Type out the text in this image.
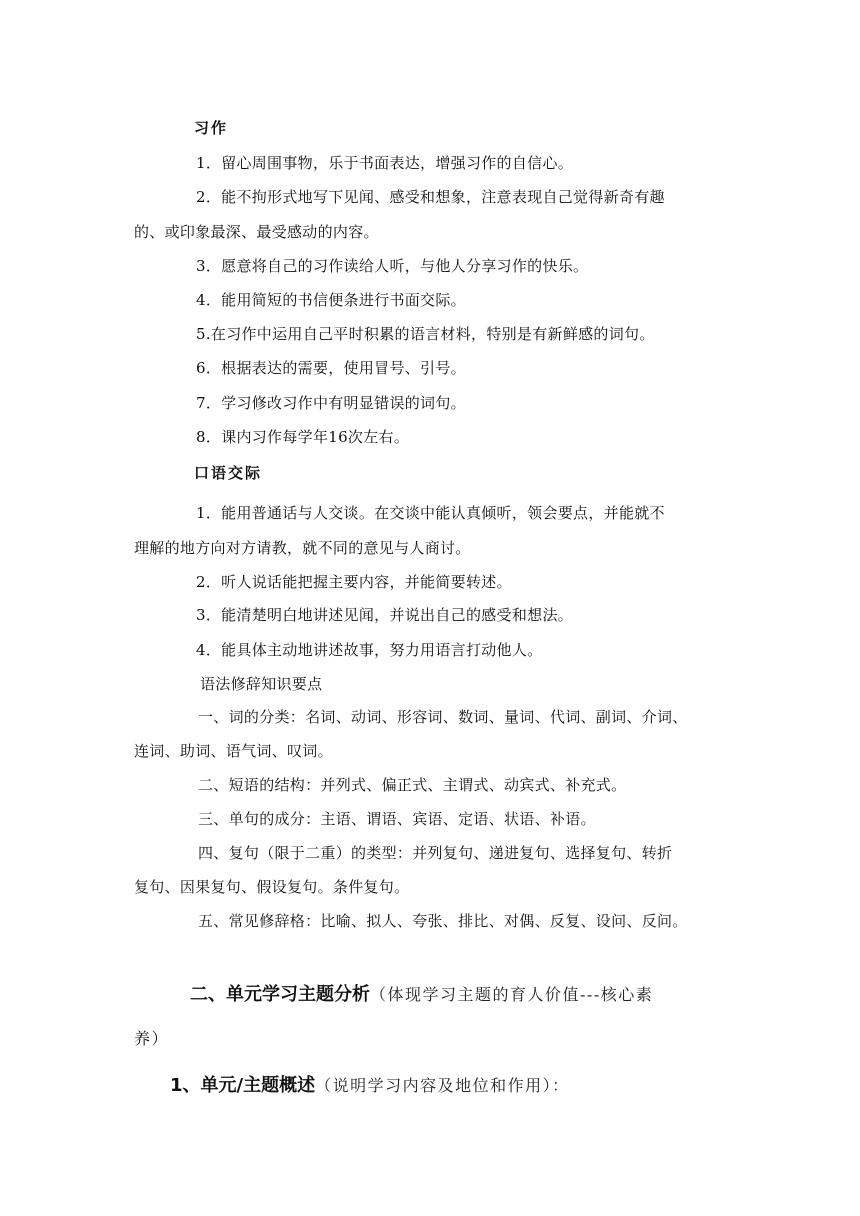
习作
1．留心周围事物，乐于书面表达，增强习作的自信心。
2．能不拘形式地写下见闻、感受和想象，注意表现自己觉得新奇有趣
的、或印象最深、最受感动的内容。
3．愿意将自己的习作读给人听，与他人分享习作的快乐。
4．能用简短的书信便条进行书面交际。
5.在习作中运用自己平时积累的语言材料，特别是有新鲜感的词句。
6．根据表达的需要，使用冒号、引号。
7．学习修改习作中有明显错误的词句。
8．课内习作每学年16次左右。
口语交际
1．能用普通话与人交谈。在交谈中能认真倾听，领会要点，并能就不
理解的地方向对方请教，就不同的意见与人商讨。
2．听人说话能把握主要内容，并能简要转述。
3．能清楚明白地讲述见闻，并说出自己的感受和想法。
4．能具体主动地讲述故事，努力用语言打动他人。
语法修辞知识要点
一、词的分类：名词、动词、形容词、数词、量词、代词、副词、介词、
连词、助词、语气词、叹词。
二、短语的结构：并列式、偏正式、主谓式、动宾式、补充式。
三、单句的成分：主语、谓语、宾语、定语、状语、补语。
四、复句（限于二重）的类型：并列复句、递进复句、选择复句、转折
复句、因果复句、假设复句。条件复句。
五、常见修辞格：比喻、拟人、夸张、排比、对偶、反复、设问、反问。
二、单元学习主题分析（体现学习主题的育人价值---核心素
养）
1、单元/主题概述（说明学习内容及地位和作用）：
